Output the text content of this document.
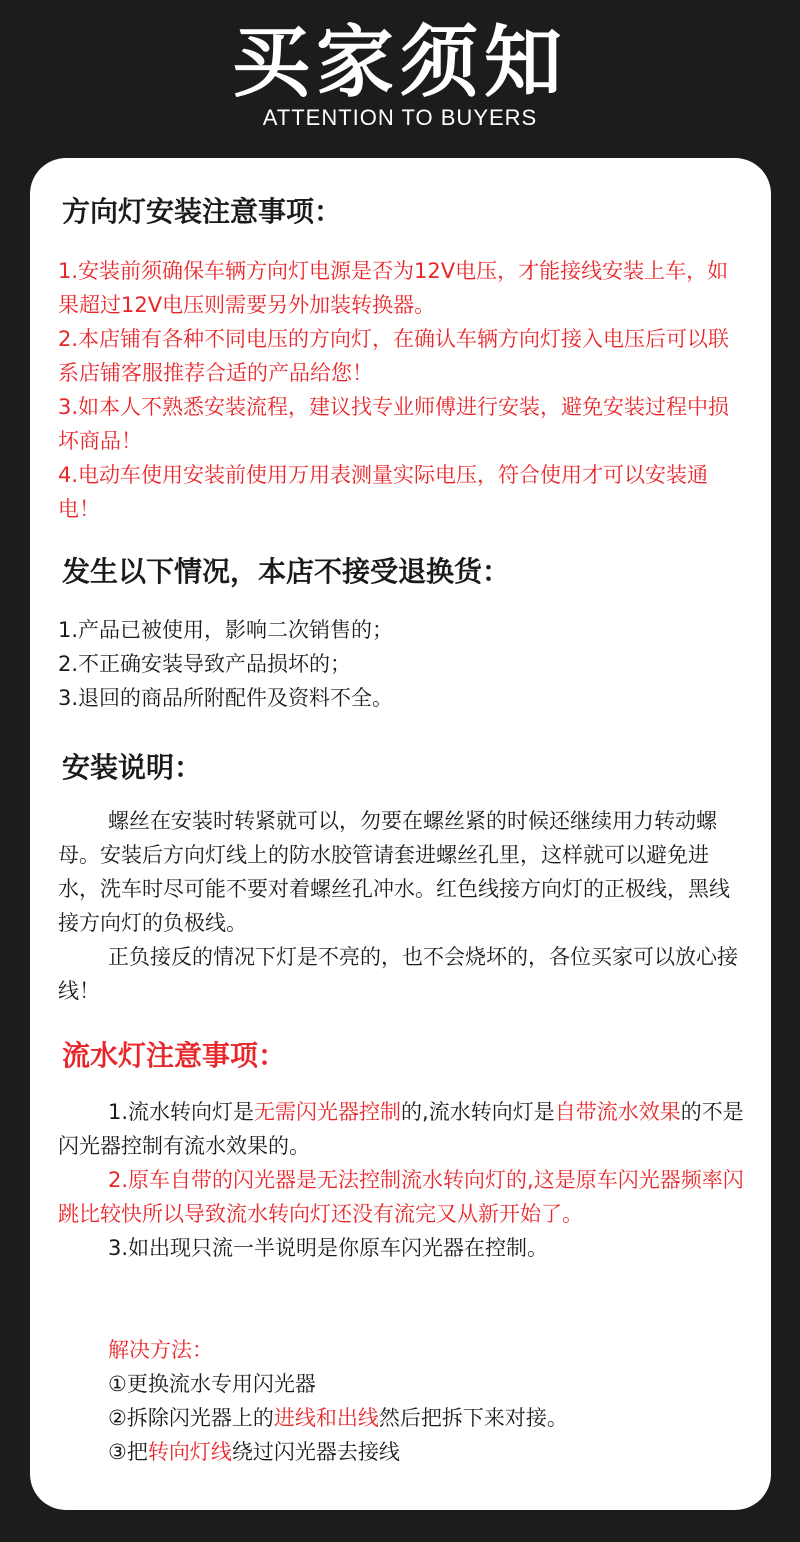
买家须知
ATTENTION TO BUYERS
方向灯安装注意事项：

1.安装前须确保车辆方向灯电源是否为12V电压，才能接线安装上车，如果超过12V电压则需要另外加装转换器。

2.本店铺有各种不同电压的方向灯，在确认车辆方向灯接入电压后可以联系店铺客服推荐合适的产品给您！

3.如本人不熟悉安装流程，建议找专业师傅进行安装，避免安装过程中损坏商品！

4.电动车使用安装前使用万用表测量实际电压，符合使用才可以安装通电！

发生以下情况，本店不接受退换货：

1.产品已被使用，影响二次销售的；

2.不正确安装导致产品损坏的；

3.退回的商品所附配件及资料不全。

安装说明：

螺丝在安装时转紧就可以，勿要在螺丝紧的时候还继续用力转动螺母。安装后方向灯线上的防水胶管请套进螺丝孔里，这样就可以避免进水，洗车时尽可能不要对着螺丝孔冲水。红色线接方向灯的正极线，黑线接方向灯的负极线。

正负接反的情况下灯是不亮的，也不会烧坏的，各位买家可以放心接线！

流水灯注意事项：

1.流水转向灯是无需闪光器控制的,流水转向灯是自带流水效果的不是闪光器控制有流水效果的。

2.原车自带的闪光器是无法控制流水转向灯的,这是原车闪光器频率闪跳比较快所以导致流水转向灯还没有流完又从新开始了。

3.如出现只流一半说明是你原车闪光器在控制。

解决方法：

①更换流水专用闪光器

②拆除闪光器上的进线和出线然后把拆下来对接。

③把转向灯线绕过闪光器去接线
